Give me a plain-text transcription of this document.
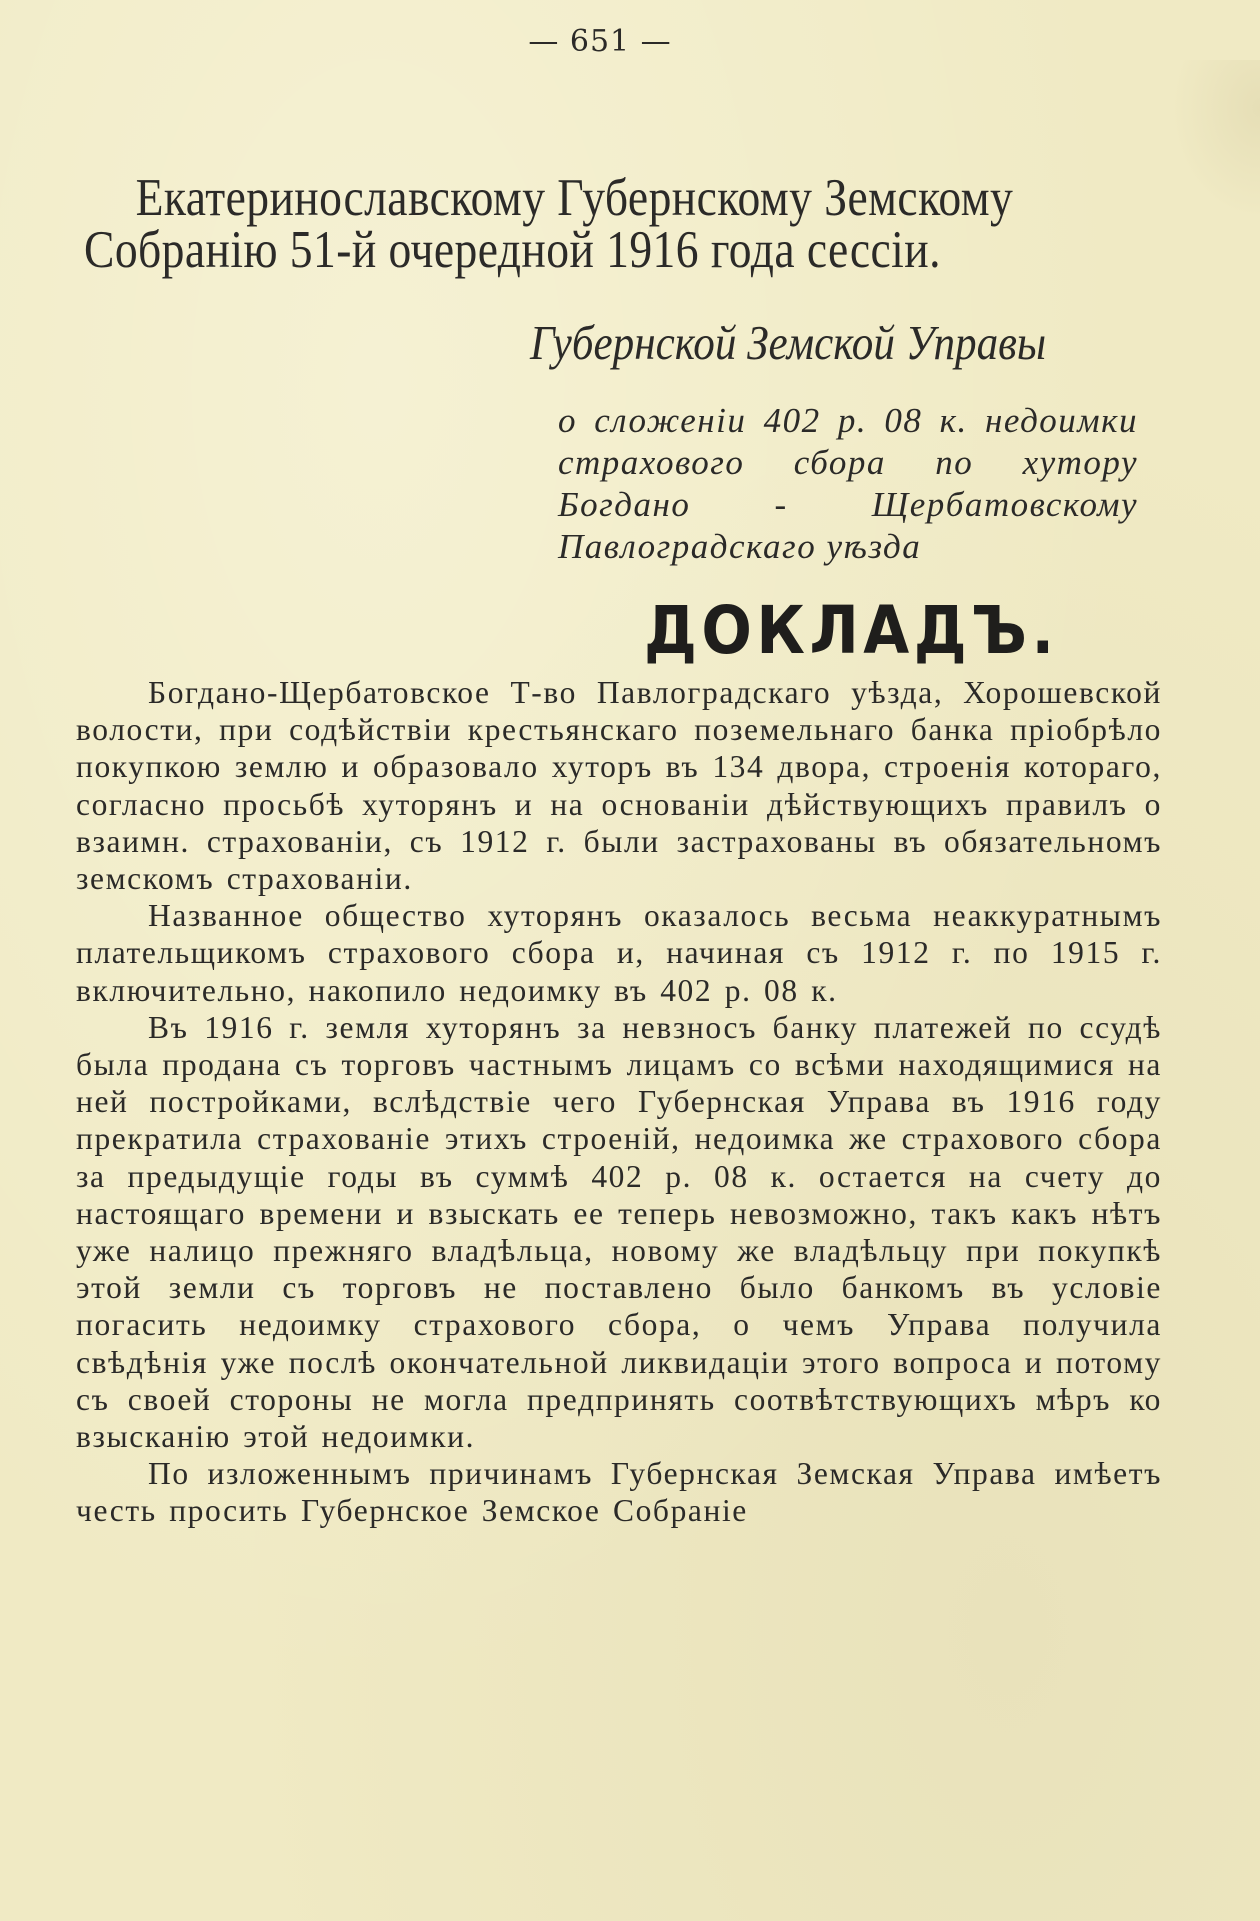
— 651 —
Екатеринославскому Губернскому Земскому
Собранію 51-й очередной 1916 года сессіи.
Губернской Земской Управы
о сложеніи 402 р. 08 к. недоимки страхового сбора по хутору Богдано - Щербатовскому Павлоградскаго уѣзда
ДОКЛАДЪ.

Богдано-Щербатовское Т-во Павлоградскаго уѣзда, Хорошевской волости, при содѣйствіи крестьянскаго поземельнаго банка пріобрѣло покупкою землю и образовало хуторъ въ 134 двора, строенія котораго, согласно просьбѣ хуторянъ и на основаніи дѣйствующихъ правилъ о взаимн. страхованіи, съ 1912 г. были застрахованы въ обязательномъ земскомъ страхованіи.

Названное общество хуторянъ оказалось весьма неаккуратнымъ плательщикомъ страхового сбора и, начиная съ 1912 г. по 1915 г. включительно, накопило недоимку въ 402 р. 08 к.

Въ 1916 г. земля хуторянъ за невзносъ банку платежей по ссудѣ была продана съ торговъ частнымъ лицамъ со всѣми находящимися на ней постройками, вслѣдствіе чего Губернская Управа въ 1916 году прекратила страхованіе этихъ строеній, недоимка же страхового сбора за предыдущіе годы въ суммѣ 402 р. 08 к. остается на счету до настоящаго времени и взыскать ее теперь невозможно, такъ какъ нѣтъ уже налицо прежняго владѣльца, новому же владѣльцу при покупкѣ этой земли съ торговъ не поставлено было банкомъ въ условіе погасить недоимку страхового сбора, о чемъ Управа получила свѣдѣнія уже послѣ окончательной ликвидаціи этого вопроса и потому съ своей стороны не могла предпринять соотвѣтствующихъ мѣръ ко взысканію этой недоимки.

По изложеннымъ причинамъ Губернская Земская Управа имѣетъ честь просить Губернское Земское Собраніе
